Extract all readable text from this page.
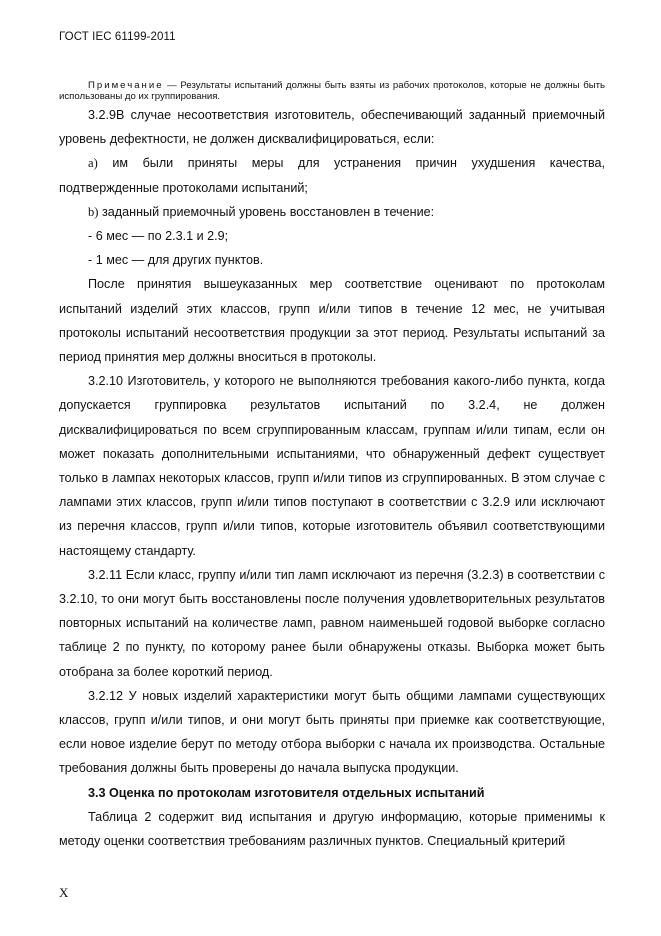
ГОСТ IEC 61199-2011

Примечание — Результаты испытаний должны быть взяты из рабочих протоколов, которые не должны быть использованы до их группирования.

3.2.9В случае несоответствия изготовитель, обеспечивающий заданный приемочный уровень дефектности, не должен дисквалифицироваться, если:

а) им были приняты меры для устранения причин ухудшения качества, подтвержденные протоколами испытаний;

b) заданный приемочный уровень восстановлен в течение:

- 6 мес — по 2.3.1 и 2.9;

- 1 мес — для других пунктов.

После принятия вышеуказанных мер соответствие оценивают по протоколам испытаний изделий этих классов, групп и/или типов в течение 12 мес, не учитывая протоколы испытаний несоответствия продукции за этот период. Результаты испытаний за период принятия мер должны вноситься в протоколы.

3.2.10 Изготовитель, у которого не выполняются требования какого-либо пункта, когда допускается группировка результатов испытаний по 3.2.4, не должен дисквалифицироваться по всем сгруппированным классам, группам и/или типам, если он может показать дополнительными испытаниями, что обнаруженный дефект существует только в лампах некоторых классов, групп и/или типов из сгруппированных. В этом случае с лампами этих классов, групп и/или типов поступают в соответствии с 3.2.9 или исключают из перечня классов, групп и/или типов, которые изготовитель объявил соответствующими настоящему стандарту.

3.2.11 Если класс, группу и/или тип ламп исключают из перечня (3.2.3) в соответствии с 3.2.10, то они могут быть восстановлены после получения удовлетворительных результатов повторных испытаний на количестве ламп, равном наименьшей годовой выборке согласно таблице 2 по пункту, по которому ранее были обнаружены отказы. Выборка может быть отобрана за более короткий период.

3.2.12 У новых изделий характеристики могут быть общими лампами существующих классов, групп и/или типов, и они могут быть приняты при приемке как соответствующие, если новое изделие берут по методу отбора выборки с начала их производства. Остальные требования должны быть проверены до начала выпуска продукции.

3.3 Оценка по протоколам изготовителя отдельных испытаний

Таблица 2 содержит вид испытания и другую информацию, которые применимы к методу оценки соответствия требованиям различных пунктов. Специальный критерий

X
